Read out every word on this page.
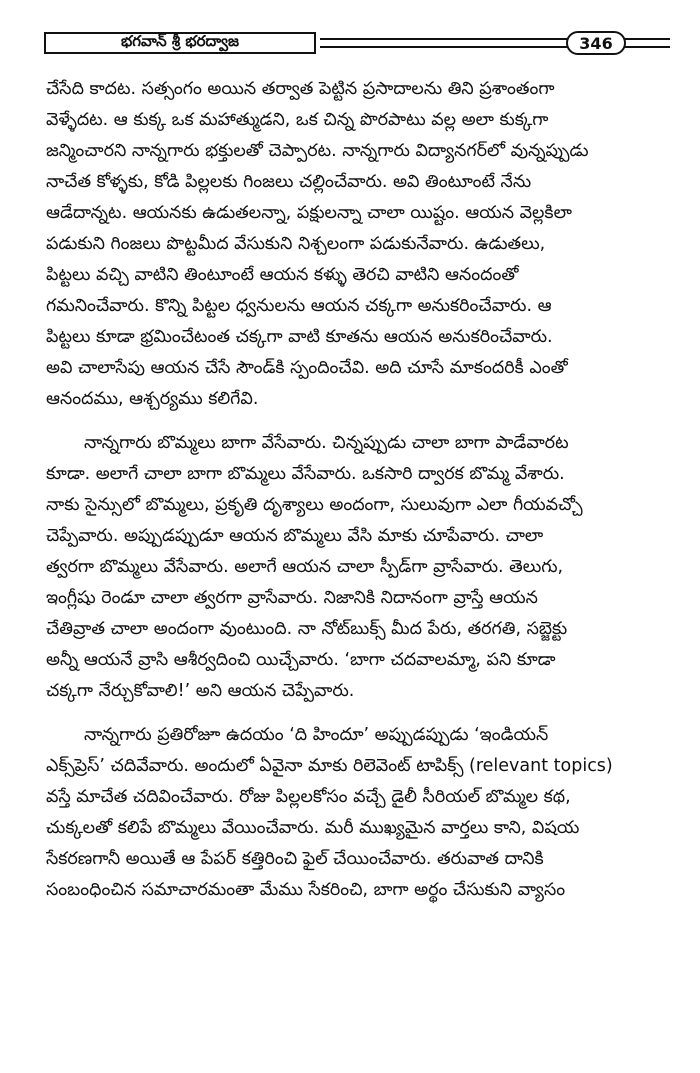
భగవాన్ శ్రీ భరద్వాజ	346
చేసేది కాదట. సత్సంగం అయిన తర్వాత పెట్టిన ప్రసాదాలను తిని ప్రశాంతంగా
వెళ్ళేదట. ఆ కుక్క ఒక మహాత్ముడని, ఒక చిన్న పొరపాటు వల్ల అలా కుక్కగా
జన్మించారని నాన్నగారు భక్తులతో చెప్పారట. నాన్నగారు విద్యానగర్‌లో వున్నప్పుడు
నాచేత కోళ్ళకు, కోడి పిల్లలకు గింజలు చల్లించేవారు. అవి తింటూంటే నేను
ఆడేదాన్నట. ఆయనకు ఉడుతలన్నా, పక్షులన్నా చాలా యిష్టం. ఆయన వెల్లకిలా
పడుకుని గింజలు పొట్టమీద వేసుకుని నిశ్చలంగా పడుకునేవారు. ఉడుతలు,
పిట్టలు వచ్చి వాటిని తింటూంటే ఆయన కళ్ళు తెరచి వాటిని ఆనందంతో
గమనించేవారు. కొన్ని పిట్టల ధ్వనులను ఆయన చక్కగా అనుకరించేవారు. ఆ
పిట్టలు కూడా భ్రమించేటంత చక్కగా వాటి కూతను ఆయన అనుకరించేవారు.
అవి చాలాసేపు ఆయన చేసే సౌండ్‌కి స్పందించేవి. అది చూసే మాకందరికీ ఎంతో
ఆనందము, ఆశ్చర్యము కలిగేవి.
నాన్నగారు బొమ్మలు బాగా వేసేవారు. చిన్నప్పుడు చాలా బాగా పాడేవారట
కూడా. అలాగే చాలా బాగా బొమ్మలు వేసేవారు. ఒకసారి ద్వారక బొమ్మ వేశారు.
నాకు సైన్సులో బొమ్మలు, ప్రకృతి దృశ్యాలు అందంగా, సులువుగా ఎలా గీయవచ్చో
చెప్పేవారు. అప్పుడప్పుడూ ఆయన బొమ్మలు వేసి మాకు చూపేవారు. చాలా
త్వరగా బొమ్మలు వేసేవారు. అలాగే ఆయన చాలా స్పీడ్‌గా వ్రాసేవారు. తెలుగు,
ఇంగ్లీషు రెండూ చాలా త్వరగా వ్రాసేవారు. నిజానికి నిదానంగా వ్రాస్తే ఆయన
చేతివ్రాత చాలా అందంగా వుంటుంది. నా నోట్‌బుక్స్ మీద పేరు, తరగతి, సబ్జెక్టు
అన్నీ ఆయనే వ్రాసి ఆశీర్వదించి యిచ్చేవారు. ‘బాగా చదవాలమ్మా, పని కూడా
చక్కగా నేర్చుకోవాలి!’ అని ఆయన చెప్పేవారు.
నాన్నగారు ప్రతిరోజూ ఉదయం ‘ది హిందూ’ అప్పుడప్పుడు ‘ఇండియన్
ఎక్స్‌ప్రెస్’ చదివేవారు. అందులో ఏవైనా మాకు రిలెవెంట్ టాపిక్స్ (relevant topics)
వస్తే మాచేత చదివించేవారు. రోజు పిల్లలకోసం వచ్చే డైలీ సీరియల్ బొమ్మల కథ,
చుక్కలతో కలిపే బొమ్మలు వేయించేవారు. మరీ ముఖ్యమైన వార్తలు కాని, విషయ
సేకరణగానీ అయితే ఆ పేపర్ కత్తిరించి ఫైల్ చేయించేవారు. తరువాత దానికి
సంబంధించిన సమాచారమంతా మేము సేకరించి, బాగా అర్థం చేసుకుని వ్యాసం
